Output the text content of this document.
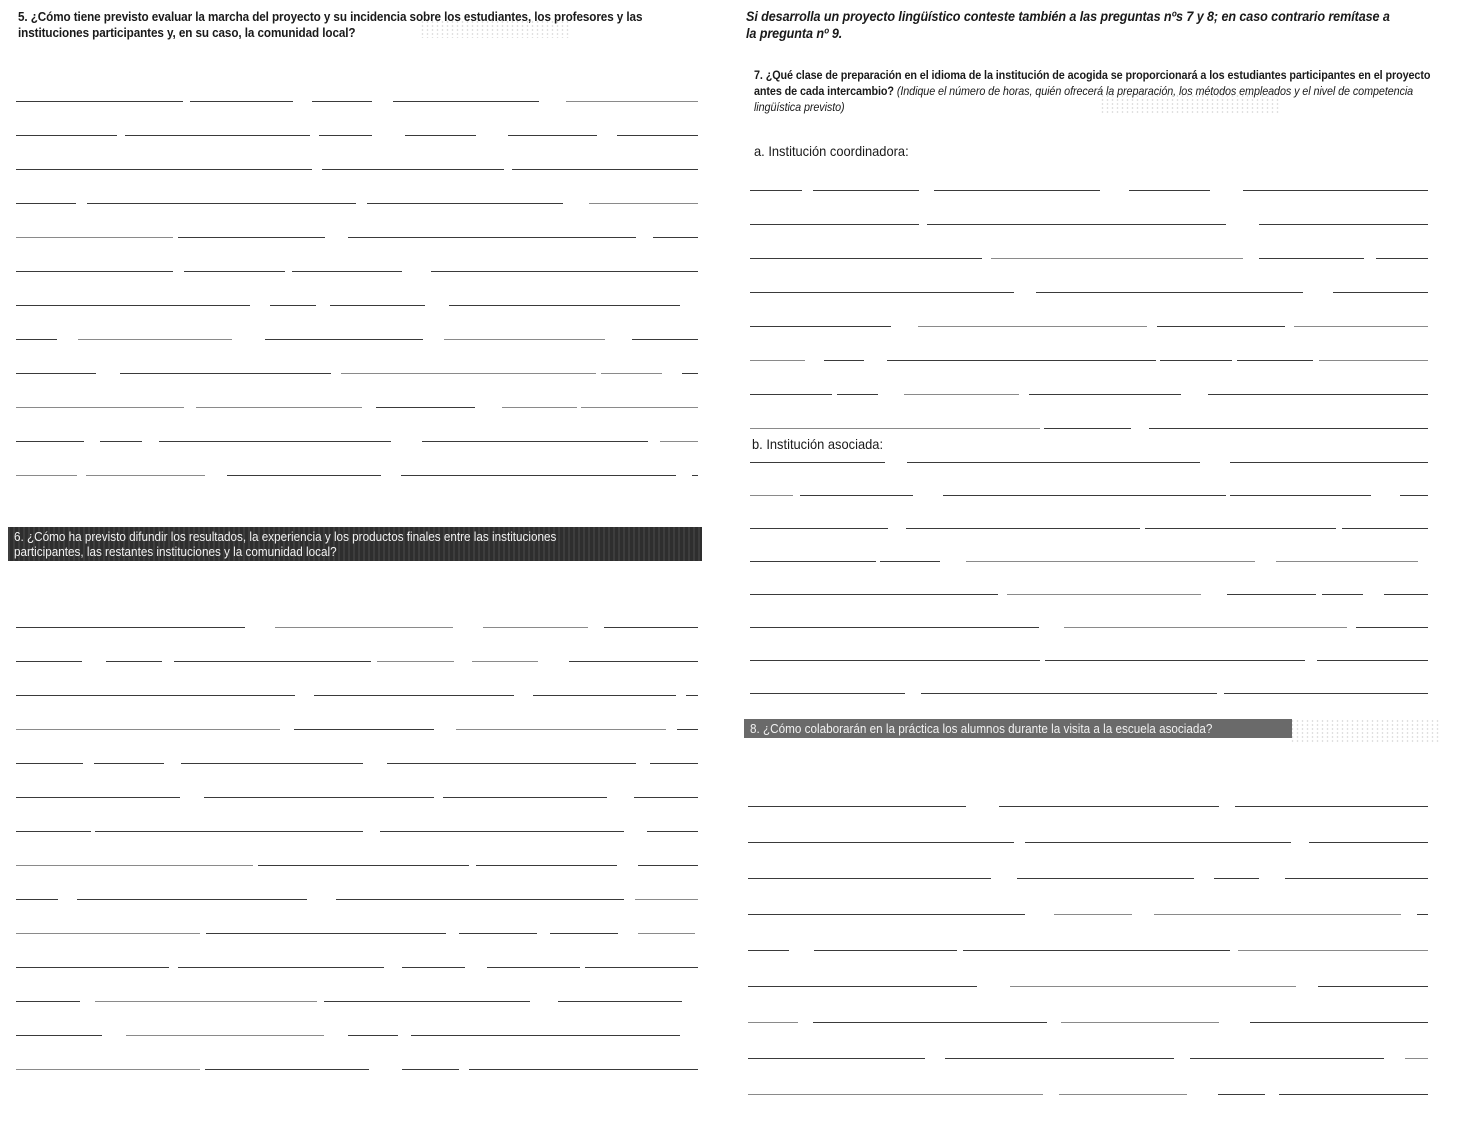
5. ¿Cómo tiene previsto evaluar la marcha del proyecto y su incidencia sobre los estudiantes, los profesores y las instituciones participantes y, en su caso, la comunidad local?
6. ¿Cómo ha previsto difundir los resultados, la experiencia y los productos finales entre las instituciones participantes, las restantes instituciones y la comunidad local?
Si desarrolla un proyecto lingüístico conteste también a las preguntas nºs 7 y 8; en caso contrario remítase a la pregunta nº 9.
7. ¿Qué clase de preparación en el idioma de la institución de acogida se proporcionará a los estudiantes participantes en el proyecto antes de cada intercambio? (Indique el número de horas, quién ofrecerá la preparación, los métodos empleados y el nivel de competencia lingüística previsto)
a. Institución coordinadora:
b. Institución asociada:
8. ¿Cómo colaborarán en la práctica los alumnos durante la visita a la escuela asociada?
